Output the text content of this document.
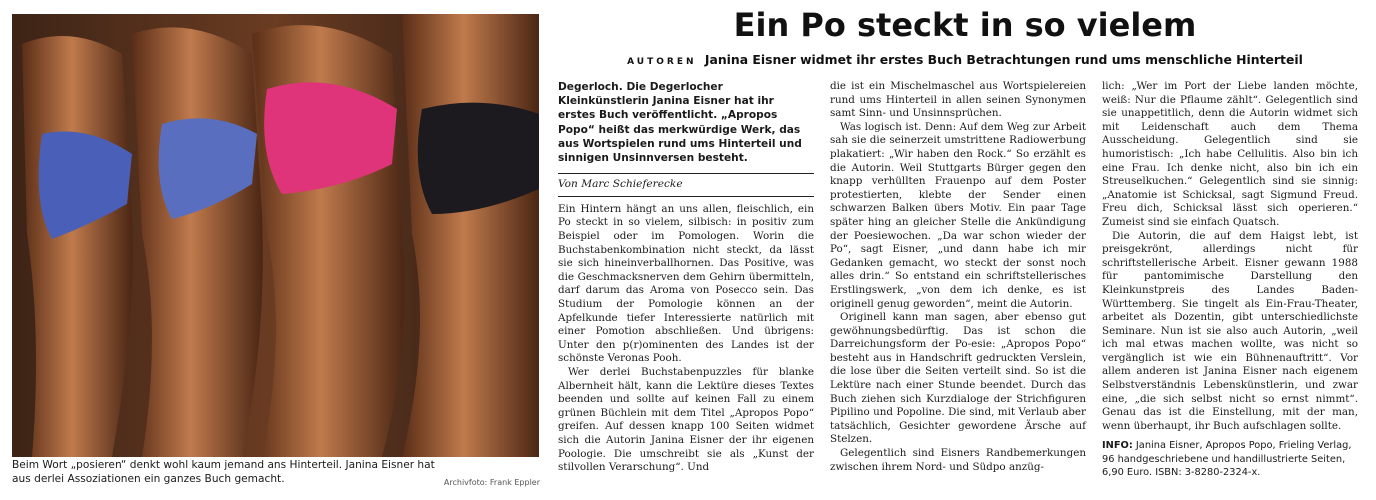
Beim Wort „posieren“ denkt wohl kaum jemand ans Hinterteil. Janina Eisner hat aus derlei Assoziationen ein ganzes Buch gemacht.	Archivfoto: Frank Eppler
Ein Po steckt in so vielem
AUTOREN Janina Eisner widmet ihr erstes Buch Betrachtungen rund ums menschliche Hinterteil

Degerloch. Die Degerlocher Kleinkünstlerin Janina Eisner hat ihr erstes Buch veröffentlicht. „Apropos Popo“ heißt das merkwürdige Werk, das aus Wortspielen rund ums Hinterteil und sinnigen Unsinnversen besteht.

Von Marc Schieferecke

Ein Hintern hängt an uns allen, fleischlich, ein Po steckt in so vielem, silbisch: in positiv zum Beispiel oder im Pomologen. Worin die Buchstabenkombination nicht steckt, da lässt sie sich hineinverballhornen. Das Positive, was die Geschmacksnerven dem Gehirn übermitteln, darf darum das Aroma von Posecco sein. Das Studium der Pomologie können an der Apfelkunde tiefer Interessierte natürlich mit einer Pomotion abschließen. Und übrigens: Unter den p(r)ominenten des Landes ist der schönste Veronas Pooh.

Wer derlei Buchstabenpuzzles für blanke Albernheit hält, kann die Lektüre dieses Textes beenden und sollte auf keinen Fall zu einem grünen Büchlein mit dem Titel „Apropos Popo“ greifen. Auf dessen knapp 100 Seiten widmet sich die Autorin Janina Eisner der ihr eigenen Poologie. Die umschreibt sie als „Kunst der stilvollen Verarschung“. Und

die ist ein Mischelmaschel aus Wortspielereien rund ums Hinterteil in allen seinen Synonymen samt Sinn- und Unsinnsprüchen.

Was logisch ist. Denn: Auf dem Weg zur Arbeit sah sie die seinerzeit umstrittene Radiowerbung plakatiert: „Wir haben den Rock.“ So erzählt es die Autorin. Weil Stuttgarts Bürger gegen den knapp verhüllten Frauenpo auf dem Poster protestierten, klebte der Sender einen schwarzen Balken übers Motiv. Ein paar Tage später hing an gleicher Stelle die Ankündigung der Poesiewochen. „Da war schon wieder der Po“, sagt Eisner, „und dann habe ich mir Gedanken gemacht, wo steckt der sonst noch alles drin.“ So entstand ein schriftstellerisches Erstlingswerk, „von dem ich denke, es ist originell genug geworden“, meint die Autorin.

Originell kann man sagen, aber ebenso gut gewöhnungsbedürftig. Das ist schon die Darreichungsform der Po-esie: „Apropos Popo“ besteht aus in Handschrift gedruckten Verslein, die lose über die Seiten verteilt sind. So ist die Lektüre nach einer Stunde beendet. Durch das Buch ziehen sich Kurzdialoge der Strichfiguren Pipilino und Popoline. Die sind, mit Verlaub aber tatsächlich, Gesichter gewordene Ärsche auf Stelzen.

Gelegentlich sind Eisners Randbemerkungen zwischen ihrem Nord- und Südpo anzüg-

lich: „Wer im Port der Liebe landen möchte, weiß: Nur die Pflaume zählt“. Gelegentlich sind sie unappetitlich, denn die Autorin widmet sich mit Leidenschaft auch dem Thema Ausscheidung. Gelegentlich sind sie humoristisch: „Ich habe Cellulitis. Also bin ich eine Frau. Ich denke nicht, also bin ich ein Streuselkuchen.“ Gelegentlich sind sie sinnig: „Anatomie ist Schicksal, sagt Sigmund Freud. Freu dich, Schicksal lässt sich operieren.“ Zumeist sind sie einfach Quatsch.

Die Autorin, die auf dem Haigst lebt, ist preisgekrönt, allerdings nicht für schriftstellerische Arbeit. Eisner gewann 1988 für pantomimische Darstellung den Kleinkunstpreis des Landes Baden-Württemberg. Sie tingelt als Ein-Frau-Theater, arbeitet als Dozentin, gibt unterschiedlichste Seminare. Nun ist sie also auch Autorin, „weil ich mal etwas machen wollte, was nicht so vergänglich ist wie ein Bühnenauftritt“. Vor allem anderen ist Janina Eisner nach eigenem Selbstverständnis Lebenskünstlerin, und zwar eine, „die sich selbst nicht so ernst nimmt“. Genau das ist die Einstellung, mit der man, wenn überhaupt, ihr Buch aufschlagen sollte.

INFO: Janina Eisner, Apropos Popo, Frieling Verlag, 96 handgeschriebene und handillustrierte Seiten, 6,90 Euro. ISBN: 3-8280-2324-x.
